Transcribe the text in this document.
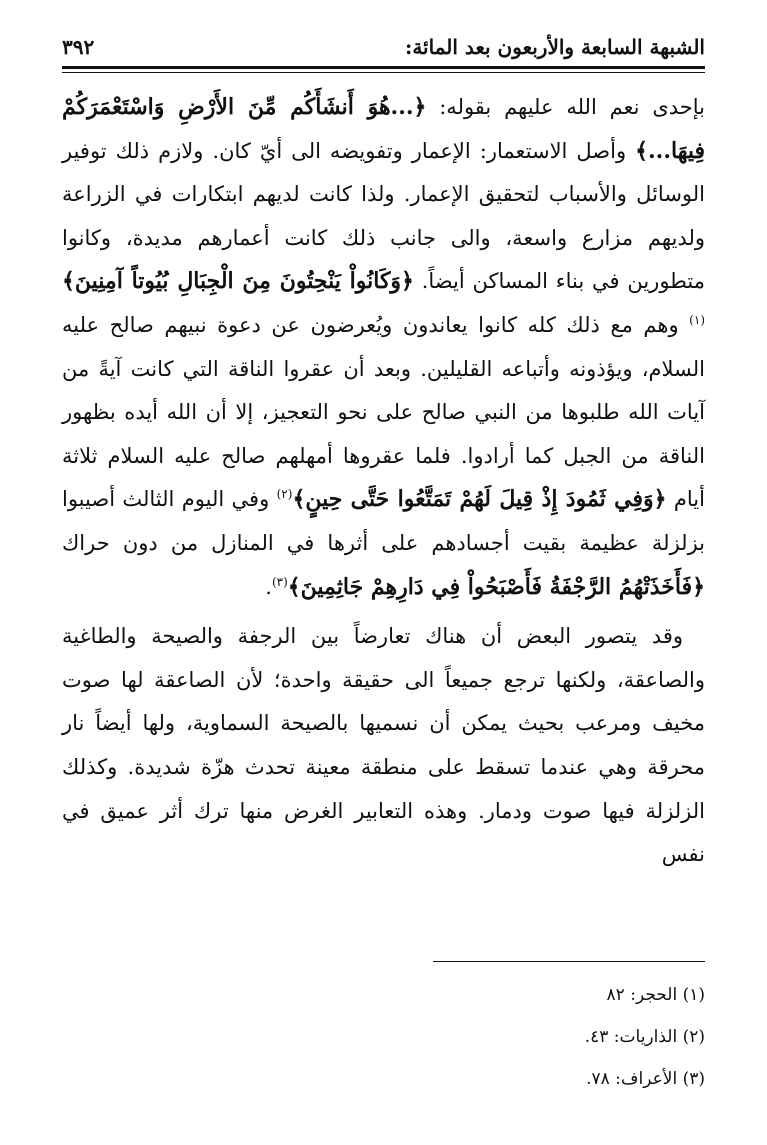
الشبهة السابعة والأربعون بعد المائة:
٣٩٢

بإحدى نعم الله عليهم بقوله: ﴿...هُوَ أَنشَأَكُم مِّنَ الأَرْضِ وَاسْتَعْمَرَكُمْ فِيهَا...﴾ وأصل الاستعمار: الإعمار وتفويضه الى أيّ كان. ولازم ذلك توفير الوسائل والأسباب لتحقيق الإعمار. ولذا كانت لديهم ابتكارات في الزراعة ولديهم مزارع واسعة، والى جانب ذلك كانت أعمارهم مديدة، وكانوا متطورين في بناء المساكن أيضاً. ﴿وَكَانُواْ يَنْحِتُونَ مِنَ الْجِبَالِ بُيُوتاً آمِنِينَ﴾$^{(١)}$ وهم مع ذلك كله كانوا يعاندون ويُعرضون عن دعوة نبيهم صالح عليه السلام، ويؤذونه وأتباعه القليلين. وبعد أن عقروا الناقة التي كانت آيةً من آيات الله طلبوها من النبي صالح على نحو التعجيز، إلا أن الله أيده بظهور الناقة من الجبل كما أرادوا. فلما عقروها أمهلهم صالح عليه السلام ثلاثة أيام ﴿وَفِي ثَمُودَ إِذْ قِيلَ لَهُمْ تَمَتَّعُوا حَتَّى حِينٍ﴾$^{(٢)}$ وفي اليوم الثالث أصيبوا بزلزلة عظيمة بقيت أجسادهم على أثرها في المنازل من دون حراك ﴿فَأَخَذَتْهُمُ الرَّجْفَةُ فَأَصْبَحُواْ فِي دَارِهِمْ جَاثِمِينَ﴾$^{(٣)}$.

وقد يتصور البعض أن هناك تعارضاً بين الرجفة والصيحة والطاغية والصاعقة، ولكنها ترجع جميعاً الى حقيقة واحدة؛ لأن الصاعقة لها صوت مخيف ومرعب بحيث يمكن أن نسميها بالصيحة السماوية، ولها أيضاً نار محرقة وهي عندما تسقط على منطقة معينة تحدث هزّة شديدة. وكذلك الزلزلة فيها صوت ودمار. وهذه التعابير الغرض منها ترك أثر عميق في نفس

(١) الحجر: ٨٢

(٢) الذاريات: ٤٣.

(٣) الأعراف: ٧٨.
